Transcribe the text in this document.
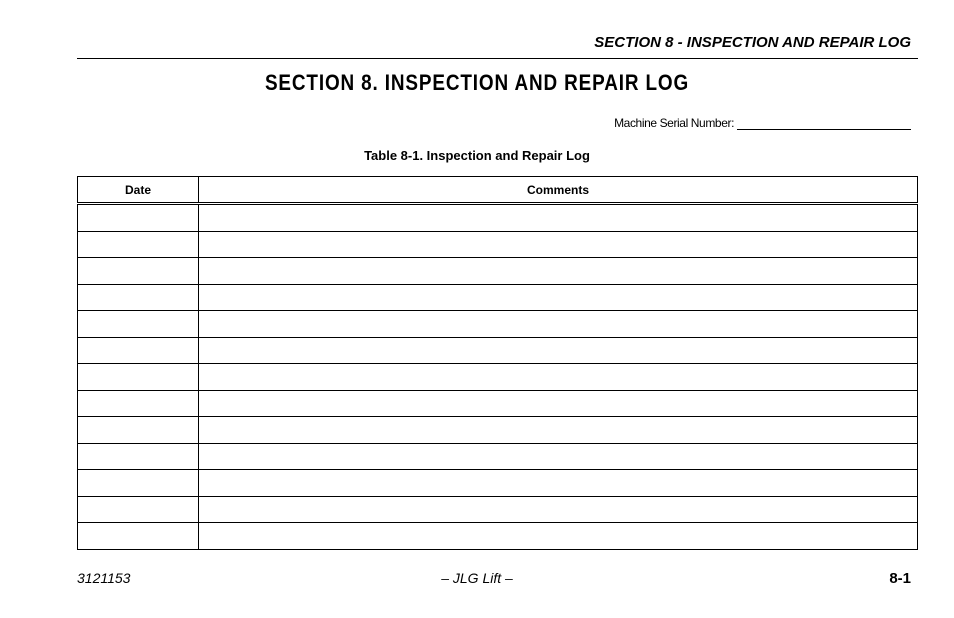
SECTION 8 - INSPECTION AND REPAIR LOG
SECTION 8. INSPECTION AND REPAIR LOG
Machine Serial Number:
Table 8-1. Inspection and Repair Log
Date	Comments

3121153	– JLG Lift –	8-1
